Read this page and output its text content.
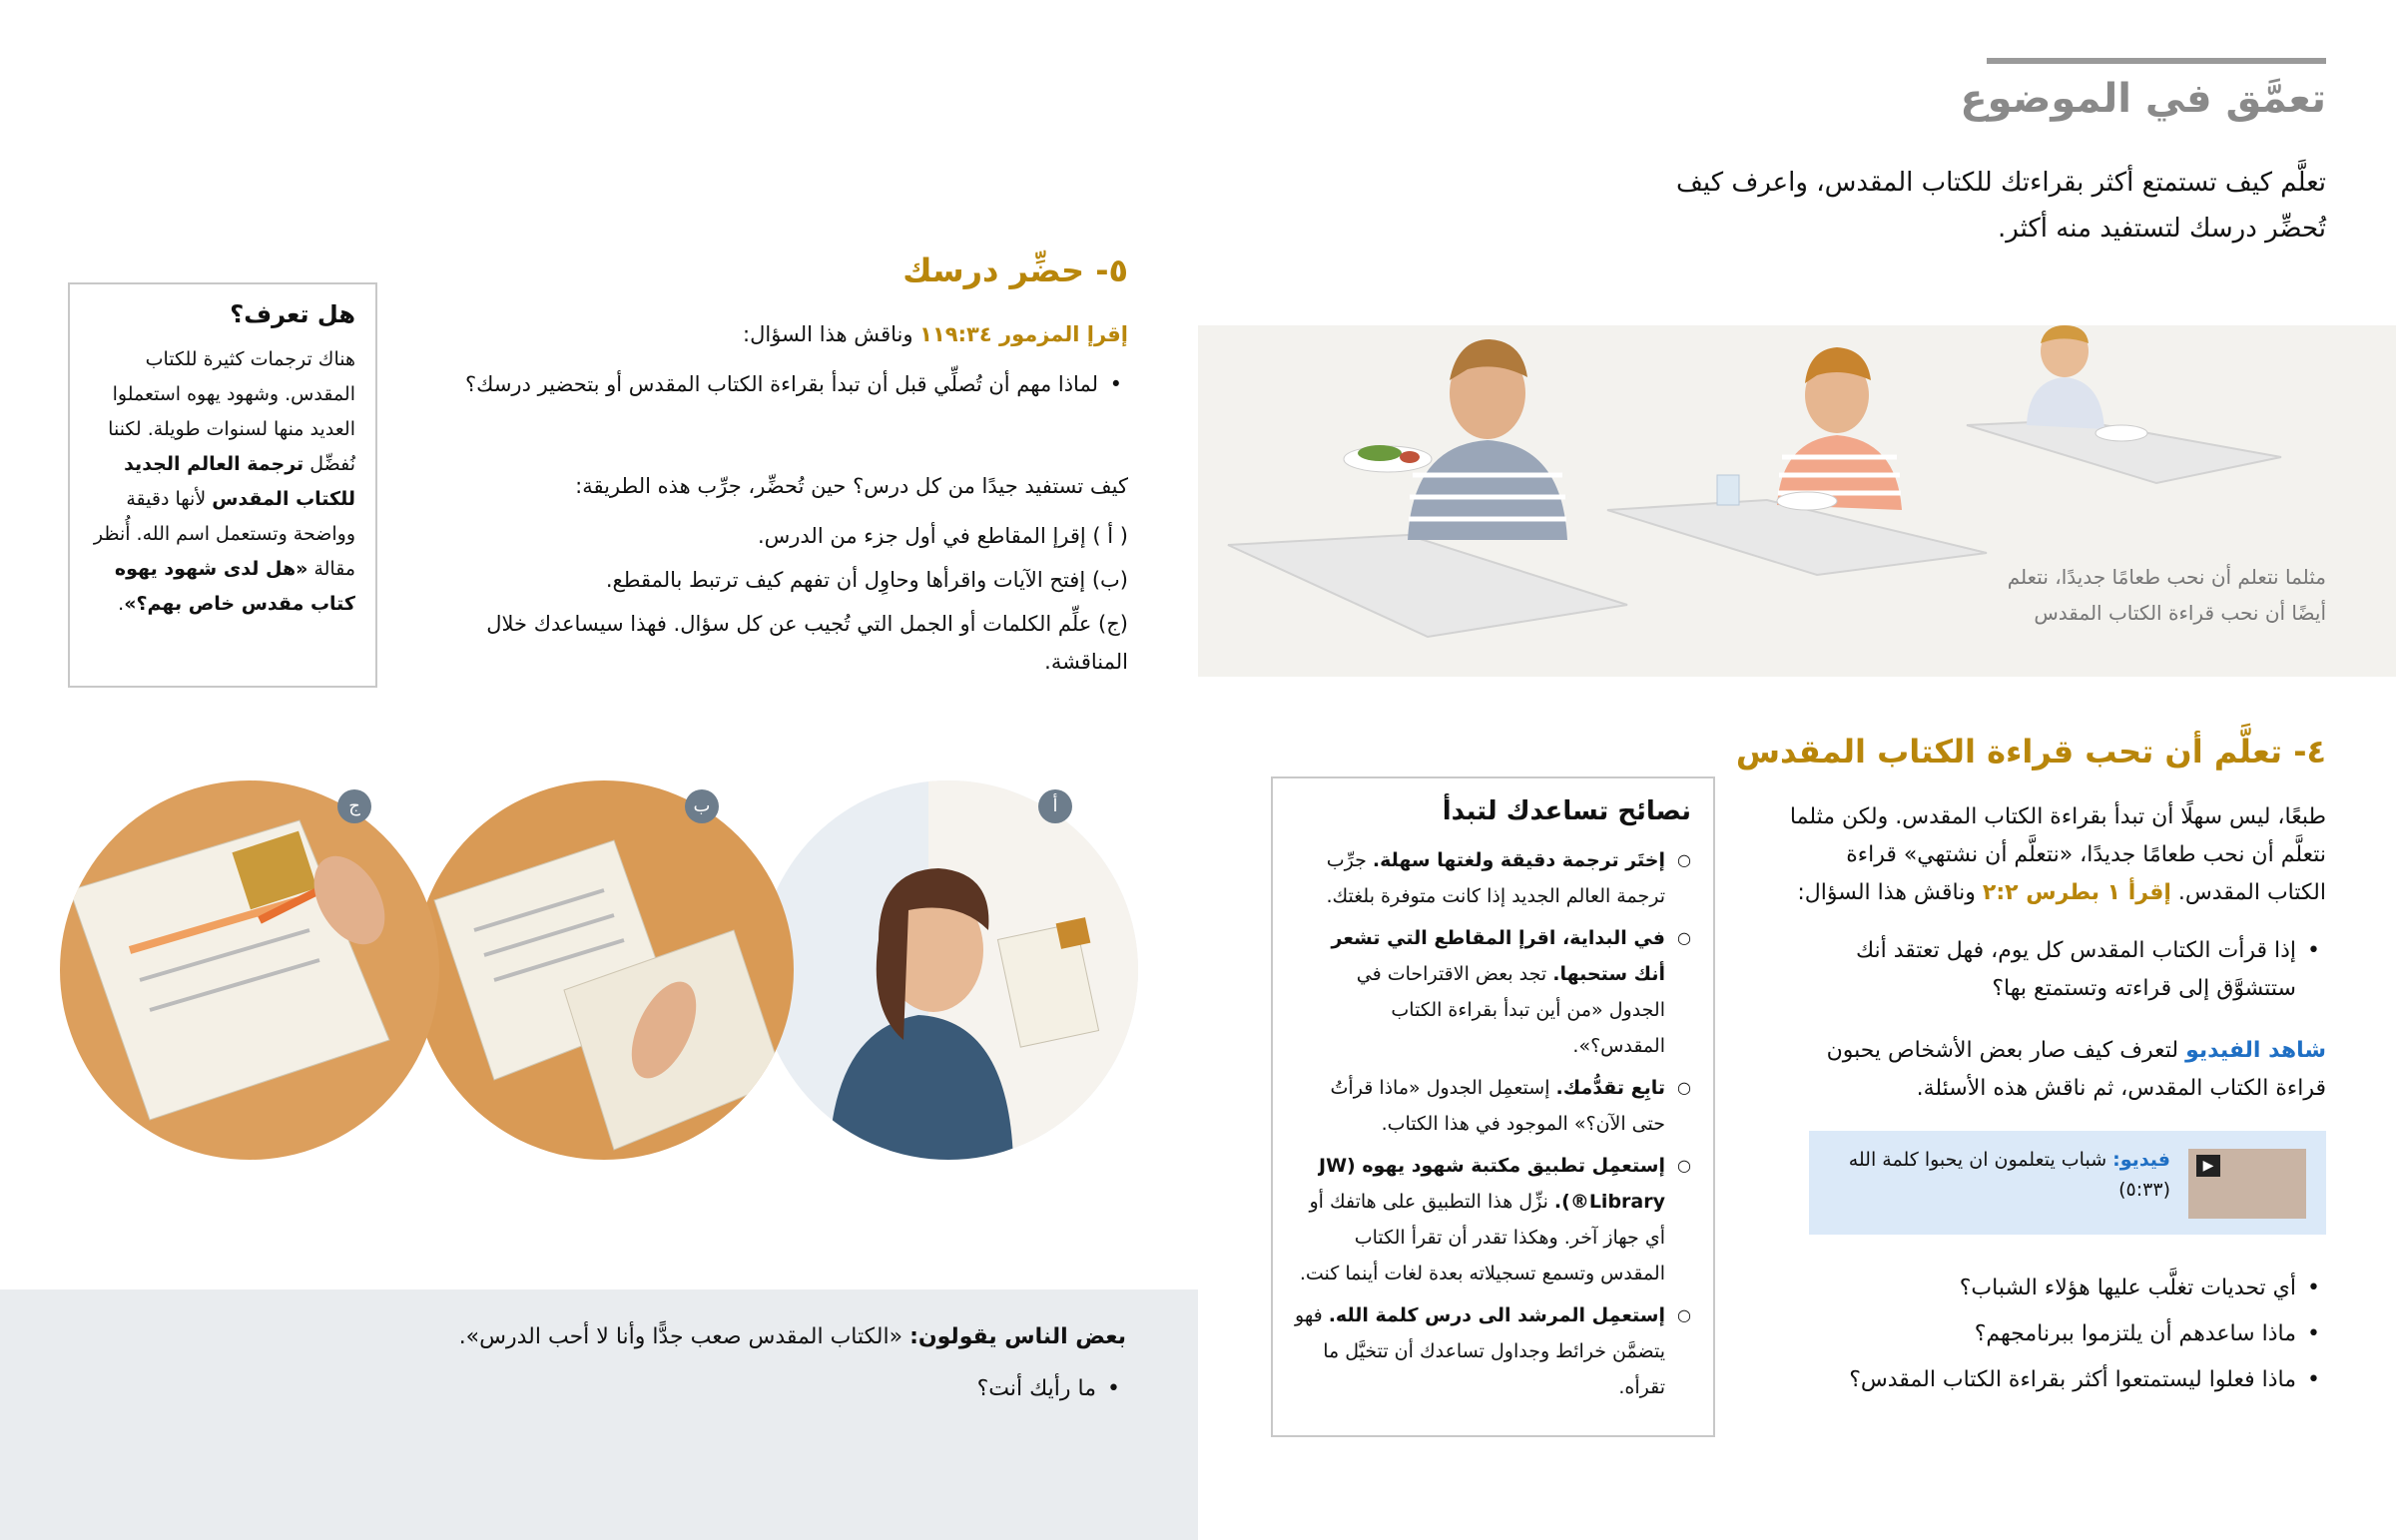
تعمَّق في الموضوع

تعلَّم كيف تستمتع أكثر بقراءتك للكتاب المقدس، واعرف كيف تُحضِّر درسك لتستفيد منه أكثر.

مثلما نتعلم أن نحب طعامًا جديدًا، نتعلم أيضًا أن نحب قراءة الكتاب المقدس

٤- تعلَّم أن تحب قراءة الكتاب المقدس

طبعًا، ليس سهلًا أن تبدأ بقراءة الكتاب المقدس. ولكن مثلما نتعلَّم أن نحب طعامًا جديدًا، «نتعلَّم أن نشتهي» قراءة الكتاب المقدس. إقرأ ١ بطرس ٢:٢ وناقش هذا السؤال:

• إذا قرأت الكتاب المقدس كل يوم، فهل تعتقد أنك ستتشوَّق إلى قراءته وتستمتع بها؟

شاهد الفيديو لتعرف كيف صار بعض الأشخاص يحبون قراءة الكتاب المقدس، ثم ناقش هذه الأسئلة.

▶
فيديو: شباب يتعلمون ان يحبوا كلمة الله (٥:٣٣)
• أي تحديات تغلَّب عليها هؤلاء الشباب؟
• ماذا ساعدهم أن يلتزموا ببرنامجهم؟
• ماذا فعلوا ليستمتعوا أكثر بقراءة الكتاب المقدس؟
نصائح تساعدك لتبدأ
○ إختَر ترجمة دقيقة ولغتها سهلة. جرِّب ترجمة العالم الجديد إذا كانت متوفرة بلغتك.
○ في البداية، اقرإ المقاطع التي تشعر أنك ستحبها. تجد بعض الاقتراحات في الجدول «من أين تبدأ بقراءة الكتاب المقدس؟».
○ تابِع تقدُّمك. إستعمِل الجدول «ماذا قرأتُ حتى الآن؟» الموجود في هذا الكتاب.
○ إستعمِل تطبيق مكتبة شهود يهوه (JW Library®). نزِّل هذا التطبيق على هاتفك أو أي جهاز آخر. وهكذا تقدر أن تقرأ الكتاب المقدس وتسمع تسجيلاته بعدة لغات أينما كنت.
○ إستعمِل المرشد الى درس كلمة الله. فهو يتضمَّن خرائط وجداول تساعدك أن تتخيَّل ما تقرأه.
٥- حضِّر درسك

إقرإ المزمور ١١٩:٣٤ وناقش هذا السؤال:

• لماذا مهم أن تُصلِّي قبل أن تبدأ بقراءة الكتاب المقدس أو بتحضير درسك؟

كيف تستفيد جيدًا من كل درس؟ حين تُحضِّر، جرِّب هذه الطريقة:

( أ ) إقرإ المقاطع في أول جزء من الدرس.
(ب) إفتح الآيات واقرأها وحاوِل أن تفهم كيف ترتبط بالمقطع.
(ج) علِّم الكلمات أو الجمل التي تُجيب عن كل سؤال. فهذا سيساعدك خلال المناقشة.
هل تعرف؟

هناك ترجمات كثيرة للكتاب المقدس. وشهود يهوه استعملوا العديد منها لسنوات طويلة. لكننا نُفضِّل ترجمة العالم الجديد للكتاب المقدس لأنها دقيقة وواضحة وتستعمل اسم الله. أُنظر مقالة «هل لدى شهود يهوه كتاب مقدس خاص بهم؟».

أ
ب
ج

بعض الناس يقولون: «الكتاب المقدس صعب جدًّا وأنا لا أحب الدرس».

• ما رأيك أنت؟
